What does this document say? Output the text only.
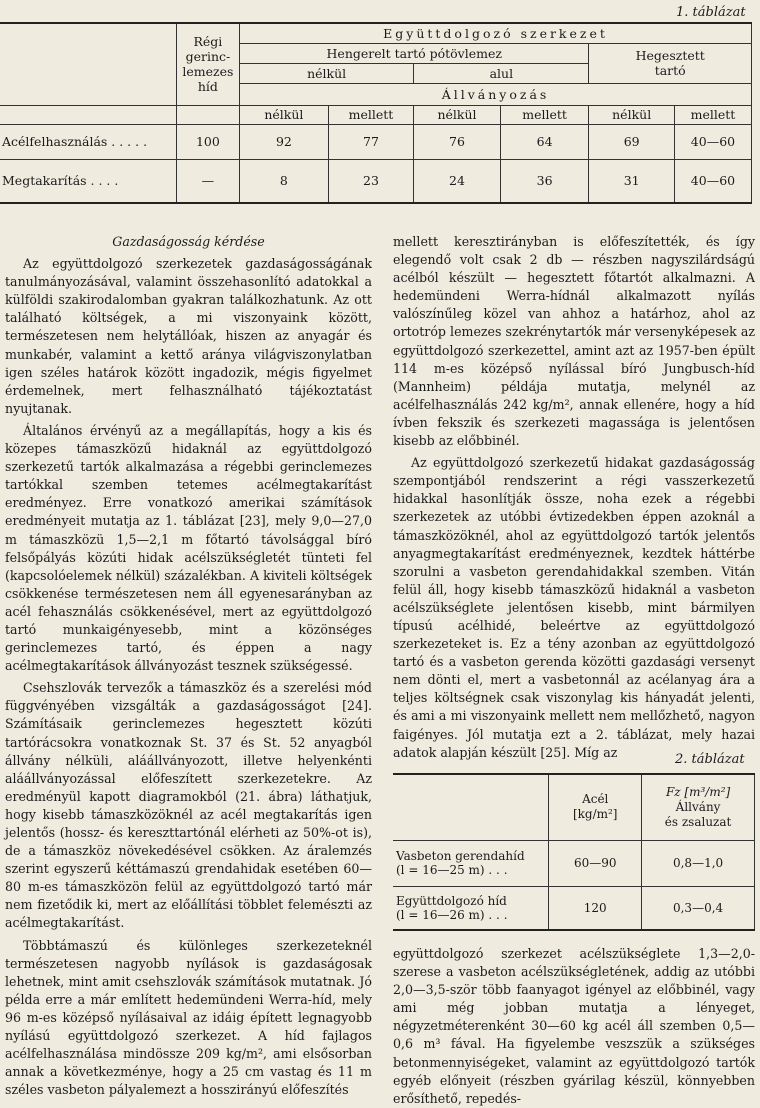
1. táblázat
	Régi
gerinc-
lemezes
híd	Együttdolgozó szerkezet					
		Hengerelt tartó pótövlemez				Hegesztett
tartó	
		nélkül		alul			
		Állványozás					
		nélkül	mellett	nélkül	mellett	nélkül	mellett
Acélfelhasználás . . . . .	100	92	77	76	64	69	40—60
Megtakarítás . . . .	—	8	23	24	36	31	40—60

Gazdaságosság kérdése

Az együttdolgozó szerkezetek gazdaságosságának tanulmányozásával, valamint összehasonlító adatokkal a külföldi szakirodalomban gyakran találkozhatunk. Az ott található költségek, a mi viszonyaink között, természetesen nem helytállóak, hiszen az anyagár és munkabér, valamint a kettő aránya világviszonylatban igen széles határok között ingadozik, mégis figyelmet érdemelnek, mert felhasználható tájékoztatást nyujtanak.

Általános érvényű az a megállapítás, hogy a kis és közepes támaszközű hidaknál az együttdolgozó szerkezetű tartók alkalmazása a régebbi gerinclemezes tartókkal szemben tetemes acélmegtakarítást eredményez. Erre vonatkozó amerikai számítások eredményeit mutatja az 1. táblázat [23], mely 9,0—27,0 m támaszközü 1,5—2,1 m főtartó távolsággal bíró felsőpályás közúti hidak acélszükségletét tünteti fel (kapcsolóelemek nélkül) százalékban. A kiviteli költségek csökkenése természetesen nem áll egyenesarányban az acél fehasználás csökkenésével, mert az együttdolgozó tartó munkaigényesebb, mint a közönséges gerinclemezes tartó, és éppen a nagy acélmegtakarítások állványozást tesznek szükségessé.

Csehszlovák tervezők a támaszköz és a szerelési mód függvényében vizsgálták a gazdaságosságot [24]. Számításaik gerinclemezes hegesztett közúti tartórácsokra vonatkoznak St. 37 és St. 52 anyagból állvány nélküli, aláállványozott, illetve helyenkénti aláállványozással előfeszített szerkezetekre. Az eredményül kapott diagramokból (21. ábra) láthatjuk, hogy kisebb támaszközöknél az acél megtakarítás igen jelentős (hossz- és kereszttartónál elérheti az 50%-ot is), de a támaszköz növekedésével csökken. Az áralemzés szerint egyszerű kéttámaszú grendahidak esetében 60—80 m-es támaszközön felül az együttdolgozó tartó már nem fizetődik ki, mert az előállítási többlet felemészti az acélmegtakarítást.

Többtámaszú és különleges szerkezeteknél természetesen nagyobb nyílások is gazdaságosak lehetnek, mint amit csehszlovák számítások mutatnak. Jó példa erre a már említett hedemündeni Werra-híd, mely 96 m-es középső nyílásaival az idáig épített legnagyobb nyílású együttdolgozó szerkezet. A híd fajlagos acélfelhasználása mindössze 209 kg/m², ami elsősorban annak a következménye, hogy a 25 cm vastag és 11 m széles vasbeton pályalemezt a hosszirányú előfeszítés

mellett keresztirányban is előfeszítették, és így elegendő volt csak 2 db — részben nagyszilárdságú acélból készült — hegesztett főtartót alkalmazni. A hedemündeni Werra-hídnál alkalmazott nyílás valószínűleg közel van ahhoz a határhoz, ahol az ortotróp lemezes szekrénytartók már versenyképesek az együttdolgozó szerkezettel, amint azt az 1957-ben épült 114 m-es középső nyílással bíró Jungbusch-híd (Mannheim) példája mutatja, melynél az acélfelhasználás 242 kg/m², annak ellenére, hogy a híd ívben fekszik és szerkezeti magassága is jelentősen kisebb az előbbinél.

Az együttdolgozó szerkezetű hidakat gazdaságosság szempontjából rendszerint a régi vasszerkezetű hidakkal hasonlítják össze, noha ezek a régebbi szerkezetek az utóbbi évtizedekben éppen azoknál a támaszközöknél, ahol az együttdolgozó tartók jelentős anyagmegtakarítást eredményeznek, kezdtek háttérbe szorulni a vasbeton gerendahidakkal szemben. Vitán felül áll, hogy kisebb támaszközű hidaknál a vasbeton acélszükséglete jelentősen kisebb, mint bármilyen típusú acélhidé, beleértve az együttdolgozó szerkezeteket is. Ez a tény azonban az együttdolgozó tartó és a vasbeton gerenda közötti gazdasági versenyt nem dönti el, mert a vasbetonnál az acélanyag ára a teljes költségnek csak viszonylag kis hányadát jelenti, és ami a mi viszonyaink mellett nem mellőzhető, nagyon faigényes. Jól mutatja ezt a 2. táblázat, mely hazai adatok alapján készült [25]. Míg az	2. táblázat
	Acél
[kg/m²]	Fz [m³/m²]
Állvány
és zsaluzat
Vasbeton gerendahíd
(l = 16—25 m) . . .	60—90	0,8—1,0
Együttdolgozó híd
(l = 16—26 m) . . .	120	0,3—0,4

együttdolgozó szerkezet acélszükséglete 1,3—2,0-szerese a vasbeton acélszükségletének, addig az utóbbi 2,0—3,5-ször több faanyagot igényel az előbbinél, vagy ami még jobban mutatja a lényeget, négyzetméterenként 30—60 kg acél áll szemben 0,5—0,6 m³ fával. Ha figyelembe veszszük a szükséges betonmennyiségeket, valamint az együttdolgozó tartók egyéb előnyeit (részben gyárilag készül, könnyebben erősíthető, repedés-
